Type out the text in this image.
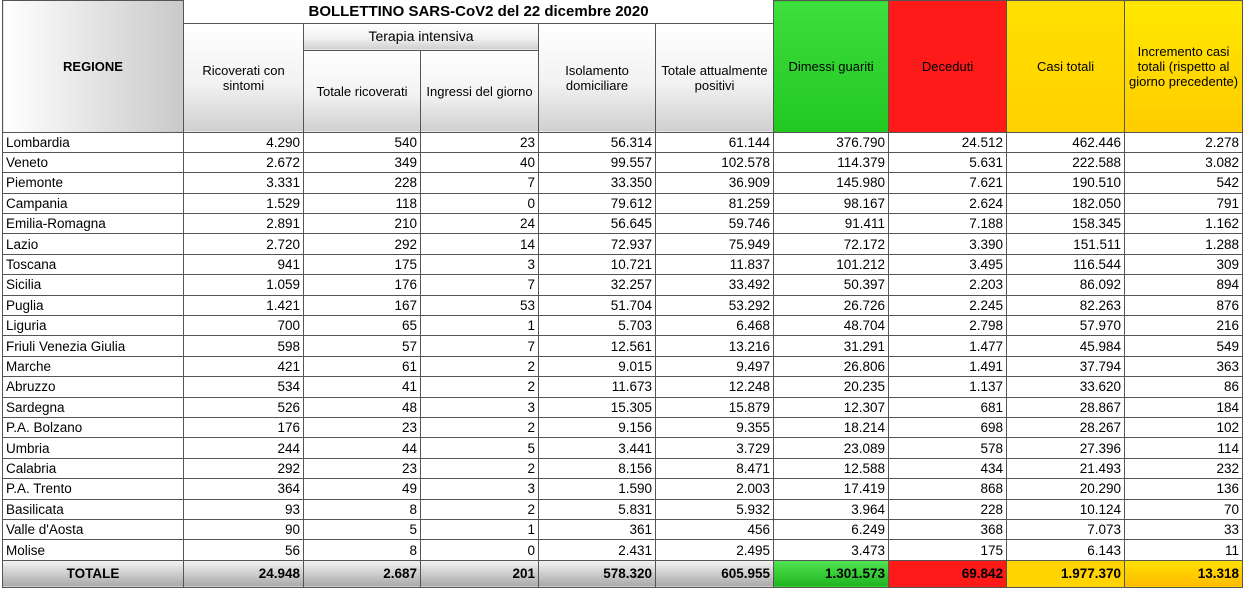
REGIONE	BOLLETTINO SARS-CoV2 del 22 dicembre 2020					Dimessi guariti	Deceduti	Casi totali	Incremento casi totali (rispetto al giorno precedente)
	Ricoverati con sintomi	Terapia intensiva		Isolamento domiciliare	Totale attualmente positivi				
		Totale ricoverati	Ingressi del giorno						
Lombardia	4.290	540	23	56.314	61.144	376.790	24.512	462.446	2.278
Veneto	2.672	349	40	99.557	102.578	114.379	5.631	222.588	3.082
Piemonte	3.331	228	7	33.350	36.909	145.980	7.621	190.510	542
Campania	1.529	118	0	79.612	81.259	98.167	2.624	182.050	791
Emilia-Romagna	2.891	210	24	56.645	59.746	91.411	7.188	158.345	1.162
Lazio	2.720	292	14	72.937	75.949	72.172	3.390	151.511	1.288
Toscana	941	175	3	10.721	11.837	101.212	3.495	116.544	309
Sicilia	1.059	176	7	32.257	33.492	50.397	2.203	86.092	894
Puglia	1.421	167	53	51.704	53.292	26.726	2.245	82.263	876
Liguria	700	65	1	5.703	6.468	48.704	2.798	57.970	216
Friuli Venezia Giulia	598	57	7	12.561	13.216	31.291	1.477	45.984	549
Marche	421	61	2	9.015	9.497	26.806	1.491	37.794	363
Abruzzo	534	41	2	11.673	12.248	20.235	1.137	33.620	86
Sardegna	526	48	3	15.305	15.879	12.307	681	28.867	184
P.A. Bolzano	176	23	2	9.156	9.355	18.214	698	28.267	102
Umbria	244	44	5	3.441	3.729	23.089	578	27.396	114
Calabria	292	23	2	8.156	8.471	12.588	434	21.493	232
P.A. Trento	364	49	3	1.590	2.003	17.419	868	20.290	136
Basilicata	93	8	2	5.831	5.932	3.964	228	10.124	70
Valle d'Aosta	90	5	1	361	456	6.249	368	7.073	33
Molise	56	8	0	2.431	2.495	3.473	175	6.143	11
TOTALE	24.948	2.687	201	578.320	605.955	1.301.573	69.842	1.977.370	13.318
